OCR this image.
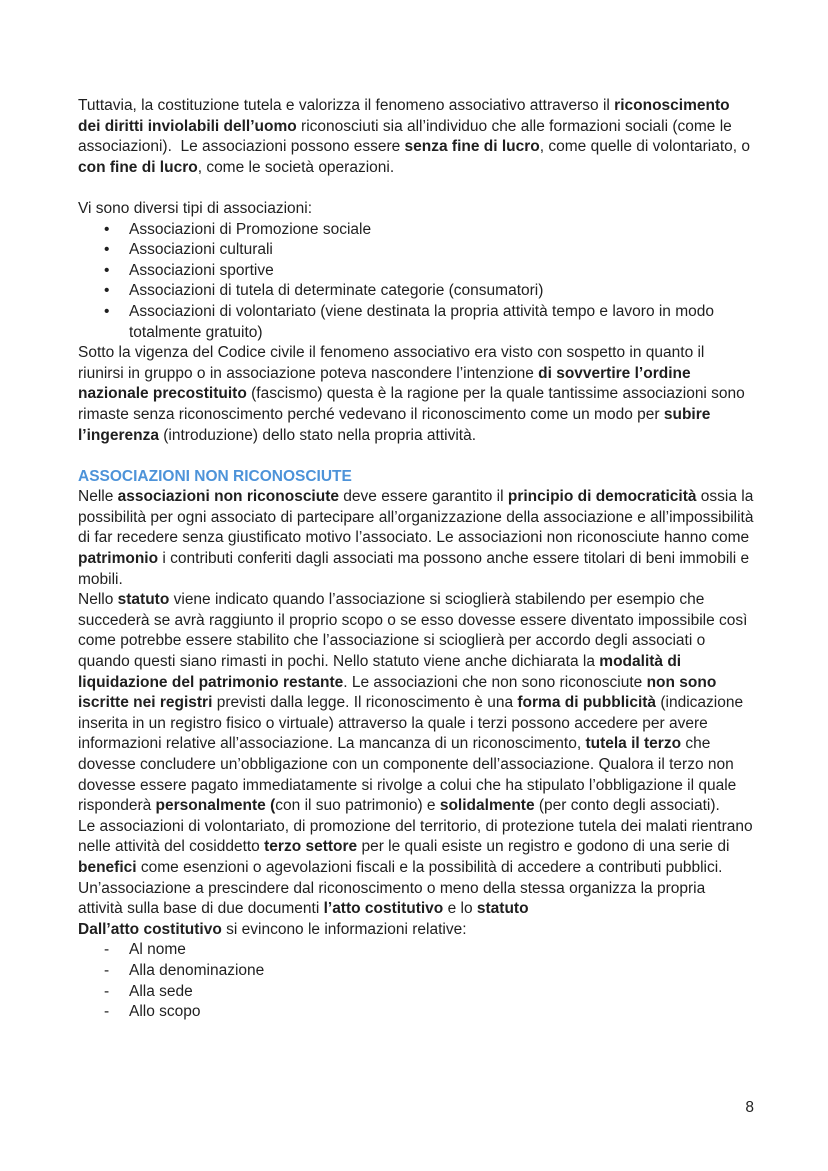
Tuttavia, la costituzione tutela e valorizza il fenomeno associativo attraverso il riconoscimento dei diritti inviolabili dell’uomo riconosciuti sia all’individuo che alle formazioni sociali (come le associazioni).  Le associazioni possono essere senza fine di lucro, come quelle di volontariato, o con fine di lucro, come le società operazioni.

Vi sono diversi tipi di associazioni:

• Associazioni di Promozione sociale
• Associazioni culturali
• Associazioni sportive
• Associazioni di tutela di determinate categorie (consumatori)
• Associazioni di volontariato (viene destinata la propria attività tempo e lavoro in modo totalmente gratuito)

Sotto la vigenza del Codice civile il fenomeno associativo era visto con sospetto in quanto il riunirsi in gruppo o in associazione poteva nascondere l’intenzione di sovvertire l’ordine nazionale precostituito (fascismo) questa è la ragione per la quale tantissime associazioni sono rimaste senza riconoscimento perché vedevano il riconoscimento come un modo per subire l’ingerenza (introduzione) dello stato nella propria attività.

ASSOCIAZIONI NON RICONOSCIUTE

Nelle associazioni non riconosciute deve essere garantito il principio di democraticità ossia la possibilità per ogni associato di partecipare all’organizzazione della associazione e all’impossibilità di far recedere senza giustificato motivo l’associato. Le associazioni non riconosciute hanno come patrimonio i contributi conferiti dagli associati ma possono anche essere titolari di beni immobili e mobili.

Nello statuto viene indicato quando l’associazione si scioglierà stabilendo per esempio che succederà se avrà raggiunto il proprio scopo o se esso dovesse essere diventato impossibile così come potrebbe essere stabilito che l’associazione si scioglierà per accordo degli associati o quando questi siano rimasti in pochi. Nello statuto viene anche dichiarata la modalità di liquidazione del patrimonio restante. Le associazioni che non sono riconosciute non sono iscritte nei registri previsti dalla legge. Il riconoscimento è una forma di pubblicità (indicazione inserita in un registro fisico o virtuale) attraverso la quale i terzi possono accedere per avere informazioni relative all’associazione. La mancanza di un riconoscimento, tutela il terzo che dovesse concludere un’obbligazione con un componente dell’associazione. Qualora il terzo non dovesse essere pagato immediatamente si rivolge a colui che ha stipulato l’obbligazione il quale risponderà personalmente (con il suo patrimonio) e solidalmente (per conto degli associati).

Le associazioni di volontariato, di promozione del territorio, di protezione tutela dei malati rientrano nelle attività del cosiddetto terzo settore per le quali esiste un registro e godono di una serie di benefici come esenzioni o agevolazioni fiscali e la possibilità di accedere a contributi pubblici.

Un’associazione a prescindere dal riconoscimento o meno della stessa organizza la propria attività sulla base di due documenti l’atto costitutivo e lo statuto

Dall’atto costitutivo si evincono le informazioni relative:

- Al nome
- Alla denominazione
- Alla sede
- Allo scopo
8
